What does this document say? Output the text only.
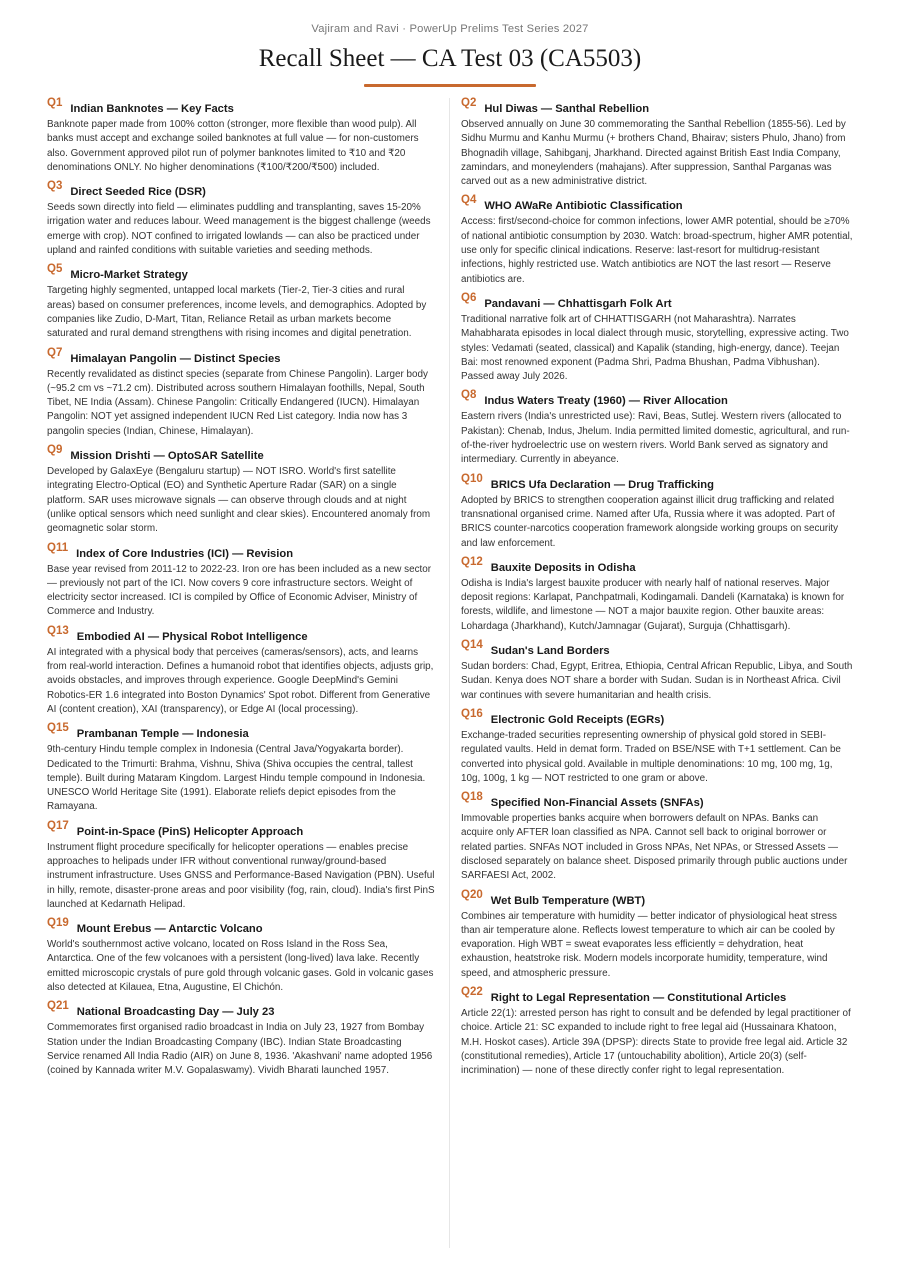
Vajiram and Ravi · PowerUp Prelims Test Series 2027
Recall Sheet — CA Test 03 (CA5503)
Q1 Indian Banknotes — Key Facts

Banknote paper made from 100% cotton (stronger, more flexible than wood pulp). All banks must accept and exchange soiled banknotes at full value — for non-customers also. Government approved pilot run of polymer banknotes limited to ₹10 and ₹20 denominations ONLY. No higher denominations (₹100/₹200/₹500) included.

Q3 Direct Seeded Rice (DSR)

Seeds sown directly into field — eliminates puddling and transplanting, saves 15-20% irrigation water and reduces labour. Weed management is the biggest challenge (weeds emerge with crop). NOT confined to irrigated lowlands — can also be practiced under upland and rainfed conditions with suitable varieties and seeding methods.

Q5 Micro-Market Strategy

Targeting highly segmented, untapped local markets (Tier-2, Tier-3 cities and rural areas) based on consumer preferences, income levels, and demographics. Adopted by companies like Zudio, D-Mart, Titan, Reliance Retail as urban markets become saturated and rural demand strengthens with rising incomes and digital penetration.

Q7 Himalayan Pangolin — Distinct Species

Recently revalidated as distinct species (separate from Chinese Pangolin). Larger body (~95.2 cm vs ~71.2 cm). Distributed across southern Himalayan foothills, Nepal, South Tibet, NE India (Assam). Chinese Pangolin: Critically Endangered (IUCN). Himalayan Pangolin: NOT yet assigned independent IUCN Red List category. India now has 3 pangolin species (Indian, Chinese, Himalayan).

Q9 Mission Drishti — OptoSAR Satellite

Developed by GalaxEye (Bengaluru startup) — NOT ISRO. World's first satellite integrating Electro-Optical (EO) and Synthetic Aperture Radar (SAR) on a single platform. SAR uses microwave signals — can observe through clouds and at night (unlike optical sensors which need sunlight and clear skies). Encountered anomaly from geomagnetic solar storm.

Q11 Index of Core Industries (ICI) — Revision

Base year revised from 2011-12 to 2022-23. Iron ore has been included as a new sector — previously not part of the ICI. Now covers 9 core infrastructure sectors. Weight of electricity sector increased. ICI is compiled by Office of Economic Adviser, Ministry of Commerce and Industry.

Q13 Embodied AI — Physical Robot Intelligence

AI integrated with a physical body that perceives (cameras/sensors), acts, and learns from real-world interaction. Defines a humanoid robot that identifies objects, adjusts grip, avoids obstacles, and improves through experience. Google DeepMind's Gemini Robotics-ER 1.6 integrated into Boston Dynamics' Spot robot. Different from Generative AI (content creation), XAI (transparency), or Edge AI (local processing).

Q15 Prambanan Temple — Indonesia

9th-century Hindu temple complex in Indonesia (Central Java/Yogyakarta border). Dedicated to the Trimurti: Brahma, Vishnu, Shiva (Shiva occupies the central, tallest temple). Built during Mataram Kingdom. Largest Hindu temple compound in Indonesia. UNESCO World Heritage Site (1991). Elaborate reliefs depict episodes from the Ramayana.

Q17 Point-in-Space (PinS) Helicopter Approach

Instrument flight procedure specifically for helicopter operations — enables precise approaches to helipads under IFR without conventional runway/ground-based instrument infrastructure. Uses GNSS and Performance-Based Navigation (PBN). Useful in hilly, remote, disaster-prone areas and poor visibility (fog, rain, cloud). India's first PinS launched at Kedarnath Helipad.

Q19 Mount Erebus — Antarctic Volcano

World's southernmost active volcano, located on Ross Island in the Ross Sea, Antarctica. One of the few volcanoes with a persistent (long-lived) lava lake. Recently emitted microscopic crystals of pure gold through volcanic gases. Gold in volcanic gases also detected at Kilauea, Etna, Augustine, El Chichón.

Q21 National Broadcasting Day — July 23

Commemorates first organised radio broadcast in India on July 23, 1927 from Bombay Station under the Indian Broadcasting Company (IBC). Indian State Broadcasting Service renamed All India Radio (AIR) on June 8, 1936. 'Akashvani' name adopted 1956 (coined by Kannada writer M.V. Gopalaswamy). Vividh Bharati launched 1957.

Q2 Hul Diwas — Santhal Rebellion

Observed annually on June 30 commemorating the Santhal Rebellion (1855-56). Led by Sidhu Murmu and Kanhu Murmu (+ brothers Chand, Bhairav; sisters Phulo, Jhano) from Bhognadih village, Sahibganj, Jharkhand. Directed against British East India Company, zamindars, and moneylenders (mahajans). After suppression, Santhal Parganas was carved out as a new administrative district.

Q4 WHO AWaRe Antibiotic Classification

Access: first/second-choice for common infections, lower AMR potential, should be ≥70% of national antibiotic consumption by 2030. Watch: broad-spectrum, higher AMR potential, use only for specific clinical indications. Reserve: last-resort for multidrug-resistant infections, highly restricted use. Watch antibiotics are NOT the last resort — Reserve antibiotics are.

Q6 Pandavani — Chhattisgarh Folk Art

Traditional narrative folk art of CHHATTISGARH (not Maharashtra). Narrates Mahabharata episodes in local dialect through music, storytelling, expressive acting. Two styles: Vedamati (seated, classical) and Kapalik (standing, high-energy, dance). Teejan Bai: most renowned exponent (Padma Shri, Padma Bhushan, Padma Vibhushan). Passed away July 2026.

Q8 Indus Waters Treaty (1960) — River Allocation

Eastern rivers (India's unrestricted use): Ravi, Beas, Sutlej. Western rivers (allocated to Pakistan): Chenab, Indus, Jhelum. India permitted limited domestic, agricultural, and run-of-the-river hydroelectric use on western rivers. World Bank served as signatory and intermediary. Currently in abeyance.

Q10 BRICS Ufa Declaration — Drug Trafficking

Adopted by BRICS to strengthen cooperation against illicit drug trafficking and related transnational organised crime. Named after Ufa, Russia where it was adopted. Part of BRICS counter-narcotics cooperation framework alongside working groups on security and law enforcement.

Q12 Bauxite Deposits in Odisha

Odisha is India's largest bauxite producer with nearly half of national reserves. Major deposit regions: Karlapat, Panchpatmali, Kodingamali. Dandeli (Karnataka) is known for forests, wildlife, and limestone — NOT a major bauxite region. Other bauxite areas: Lohardaga (Jharkhand), Kutch/Jamnagar (Gujarat), Surguja (Chhattisgarh).

Q14 Sudan's Land Borders

Sudan borders: Chad, Egypt, Eritrea, Ethiopia, Central African Republic, Libya, and South Sudan. Kenya does NOT share a border with Sudan. Sudan is in Northeast Africa. Civil war continues with severe humanitarian and health crisis.

Q16 Electronic Gold Receipts (EGRs)

Exchange-traded securities representing ownership of physical gold stored in SEBI-regulated vaults. Held in demat form. Traded on BSE/NSE with T+1 settlement. Can be converted into physical gold. Available in multiple denominations: 10 mg, 100 mg, 1g, 10g, 100g, 1 kg — NOT restricted to one gram or above.

Q18 Specified Non-Financial Assets (SNFAs)

Immovable properties banks acquire when borrowers default on NPAs. Banks can acquire only AFTER loan classified as NPA. Cannot sell back to original borrower or related parties. SNFAs NOT included in Gross NPAs, Net NPAs, or Stressed Assets — disclosed separately on balance sheet. Disposed primarily through public auctions under SARFAESI Act, 2002.

Q20 Wet Bulb Temperature (WBT)

Combines air temperature with humidity — better indicator of physiological heat stress than air temperature alone. Reflects lowest temperature to which air can be cooled by evaporation. High WBT = sweat evaporates less efficiently = dehydration, heat exhaustion, heatstroke risk. Modern models incorporate humidity, temperature, wind speed, and atmospheric pressure.

Q22 Right to Legal Representation — Constitutional Articles

Article 22(1): arrested person has right to consult and be defended by legal practitioner of choice. Article 21: SC expanded to include right to free legal aid (Hussainara Khatoon, M.H. Hoskot cases). Article 39A (DPSP): directs State to provide free legal aid. Article 32 (constitutional remedies), Article 17 (untouchability abolition), Article 20(3) (self-incrimination) — none of these directly confer right to legal representation.
